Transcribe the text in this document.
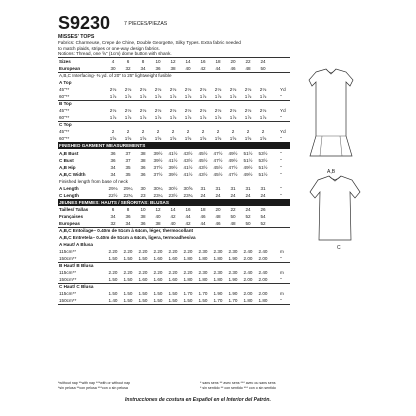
S9230	7 PIECES/PIEZAS
MISSES' TOPS
Fabrics: Charmeuse, Crepe de Chine, Double Georgette, Silky Types. Extra fabric needed
to match plaids, stripes or one-way design fabrics.
Notions: Thread, one ⅝" (1cm) dome button with shank.
Sizes	4	6	8	10	12	14	16	18	20	22	24
European	30	32	34	36	38	40	42	44	46	48	50
A,B,C Interfacing- ⅜ yd. of 20" to 25" lightweight fusible
A Top
45"**	2⅛	2⅛	2⅛	2⅛	2⅛	2⅛	2⅛	2⅛	2⅛	2⅛	2⅛	Yd
60"**	1⅞	1⅞	1⅞	1⅞	1⅞	1⅞	1⅞	1⅞	1⅞	1⅞	1⅞	"
B Top
45"**	2⅛	2⅛	2⅛	2⅛	2⅛	2⅛	2⅛	2⅛	2⅛	2⅛	2⅛	Yd
60"**	1⅞	1⅞	1⅞	1⅞	1⅞	1⅞	1⅞	1⅞	1⅞	1⅞	1⅞	"
C Top
45"**	2	2	2	2	2	2	2	2	2	2	2	Yd
60"**	1⅝	1⅝	1⅝	1⅝	1⅝	1⅝	1⅝	1⅝	1⅝	1⅝	1⅝	"
FINISHED GARMENT MEASUREMENTS
A,B Bust	36	37	38	39½	41½	43½	45½	47½	49½	51½	53½	"
C Bust	36	37	38	39½	41½	43½	45½	47½	49½	51½	53½	"
A,B Hip	34	35	36	37½	39½	41½	43½	45½	47½	49½	51½	"
A,B,C Width	34	35	36	37½	39½	41½	43½	45½	47½	49½	51½	"
Finished length from base of neck
A Length	29⅛	29¼	30	30¼	30½	30⅝	31	31	31	31	31	"
C Length	22½	22¾	23	23¼	23½	23¾	24	24	24	24	24	"
JEUNES FEMMES: HAUTS / SEÑORITAS: BLUSAS
Tailles/ Tallas	6	8	10	12	14	16	18	20	22	24	26
Françaises	34	36	38	40	42	44	46	48	50	52	54
Europeas	32	34	36	38	40	42	44	46	48	50	52
A,B,C Entoilage– 0.40m de 51cm à 64cm, léger, thermocollant
A,B,C Entretela– 0.40m de 51cm a 64cm, ligera, termoadhesiva
A Haut/ A Blusa
115cm**	2.20	2.20	2.20	2.20	2.20	2.20	2.30	2.30	2.30	2.40	2.40	m
150cm**	1.50	1.50	1.50	1.60	1.60	1.80	1.80	1.80	1.90	2.00	2.00	"
B Haut/ B Blusa
115cm**	2.20	2.20	2.20	2.20	2.20	2.20	2.30	2.30	2.30	2.40	2.40	m
150cm**	1.50	1.50	1.60	1.60	1.60	1.80	1.80	1.80	1.90	2.00	2.00	"
C Haut/ C Blusa
115cm**	1.50	1.50	1.50	1.50	1.50	1.70	1.70	1.90	1.90	2.00	2.00	m
150cm**	1.40	1.50	1.50	1.50	1.50	1.50	1.50	1.70	1.70	1.80	1.80	"
*without nap **with nap ***with or without nap
*sin pelusa **con pelusa ***con o sin pelusa
* sans sens ** avec sens *** avec ou sans sens
* sin sentido ** con sentido *** con o sin sentido
Instrucciones de costura en Español en el Interior del Patrón.
A,B
C
